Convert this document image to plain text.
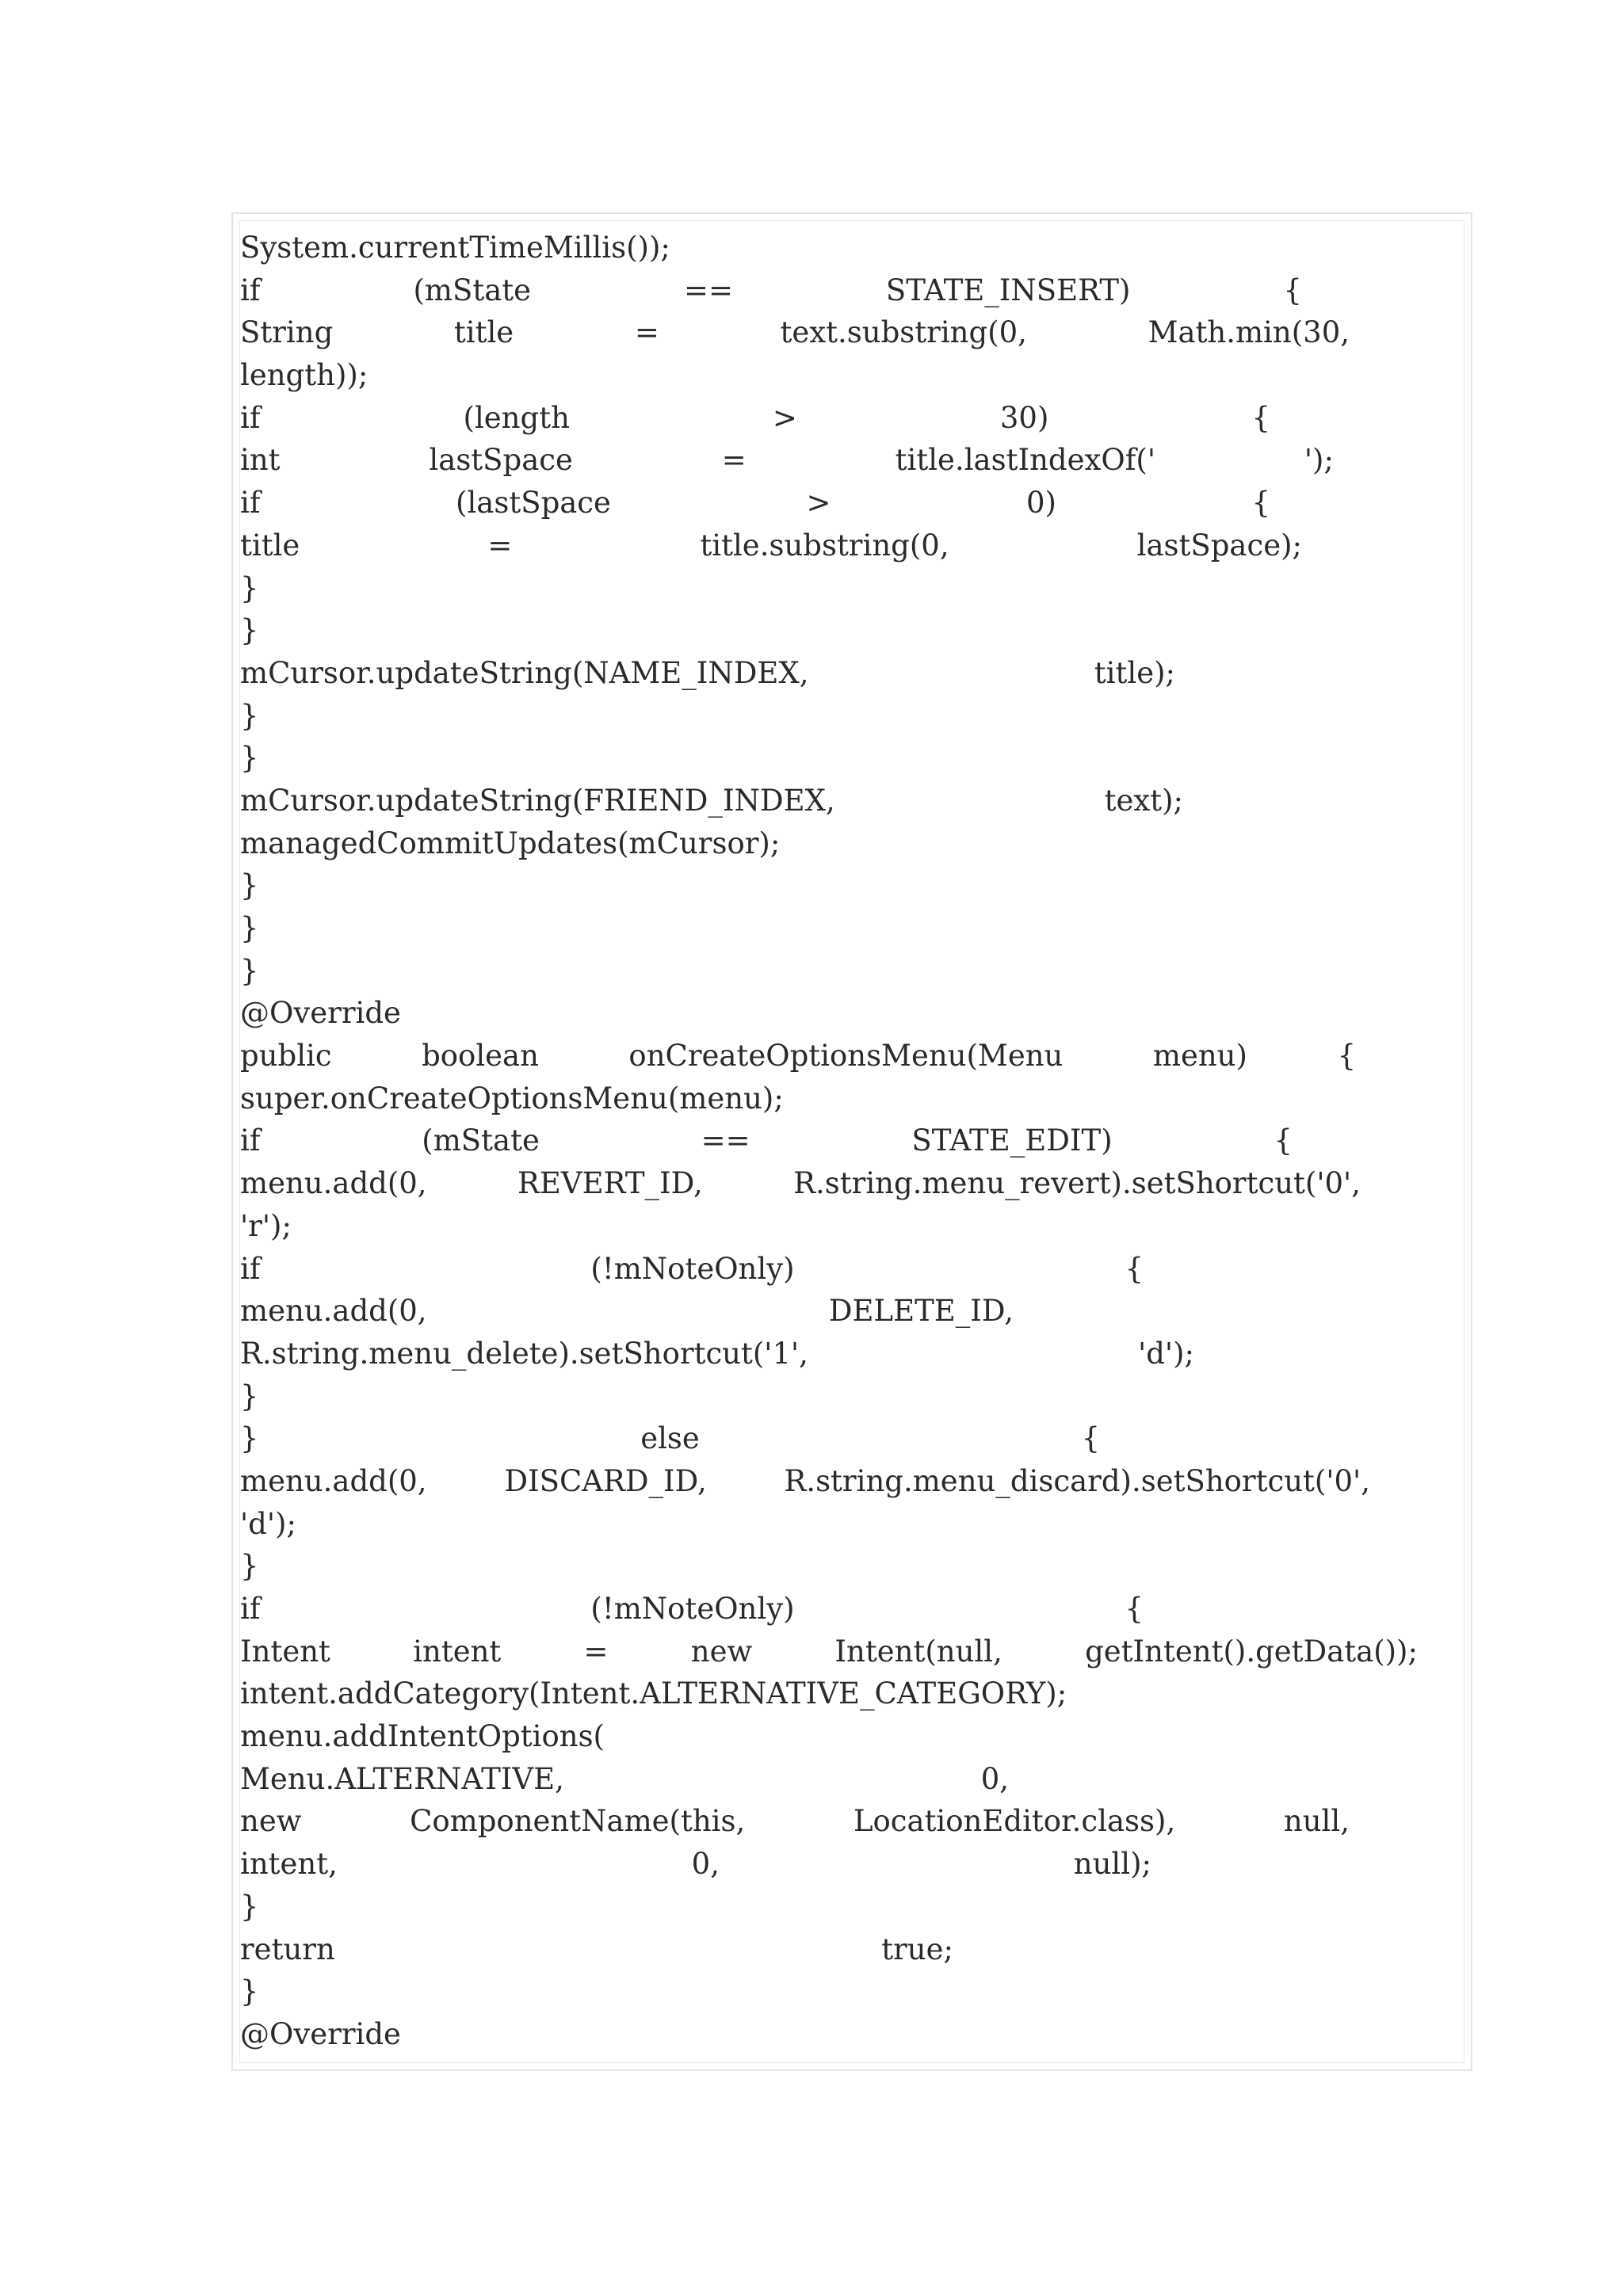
System.currentTimeMillis());
if	(mState	==	STATE_INSERT)	{
String	title	=	text.substring(0,	Math.min(30,
length));
if	(length	>	30)	{
int	lastSpace	=	title.lastIndexOf('	');
if	(lastSpace	>	0)	{
title	=	title.substring(0,	lastSpace);
}
}
mCursor.updateString(NAME_INDEX,	title);
}
}
mCursor.updateString(FRIEND_INDEX,	text);
managedCommitUpdates(mCursor);
}
}
}
@Override
public	boolean	onCreateOptionsMenu(Menu	menu)	{
super.onCreateOptionsMenu(menu);
if	(mState	==	STATE_EDIT)	{
menu.add(0,	REVERT_ID,	R.string.menu_revert).setShortcut('0',
'r');
if	(!mNoteOnly)	{
menu.add(0,	DELETE_ID,
R.string.menu_delete).setShortcut('1',	'd');
}
}	else	{
menu.add(0,	DISCARD_ID,	R.string.menu_discard).setShortcut('0',
'd');
}
if	(!mNoteOnly)	{
Intent	intent	=	new	Intent(null,	getIntent().getData());
intent.addCategory(Intent.ALTERNATIVE_CATEGORY);
menu.addIntentOptions(
Menu.ALTERNATIVE,	0,
new	ComponentName(this,	LocationEditor.class),	null,
intent,	0,	null);
}
return	true;
}
@Override
